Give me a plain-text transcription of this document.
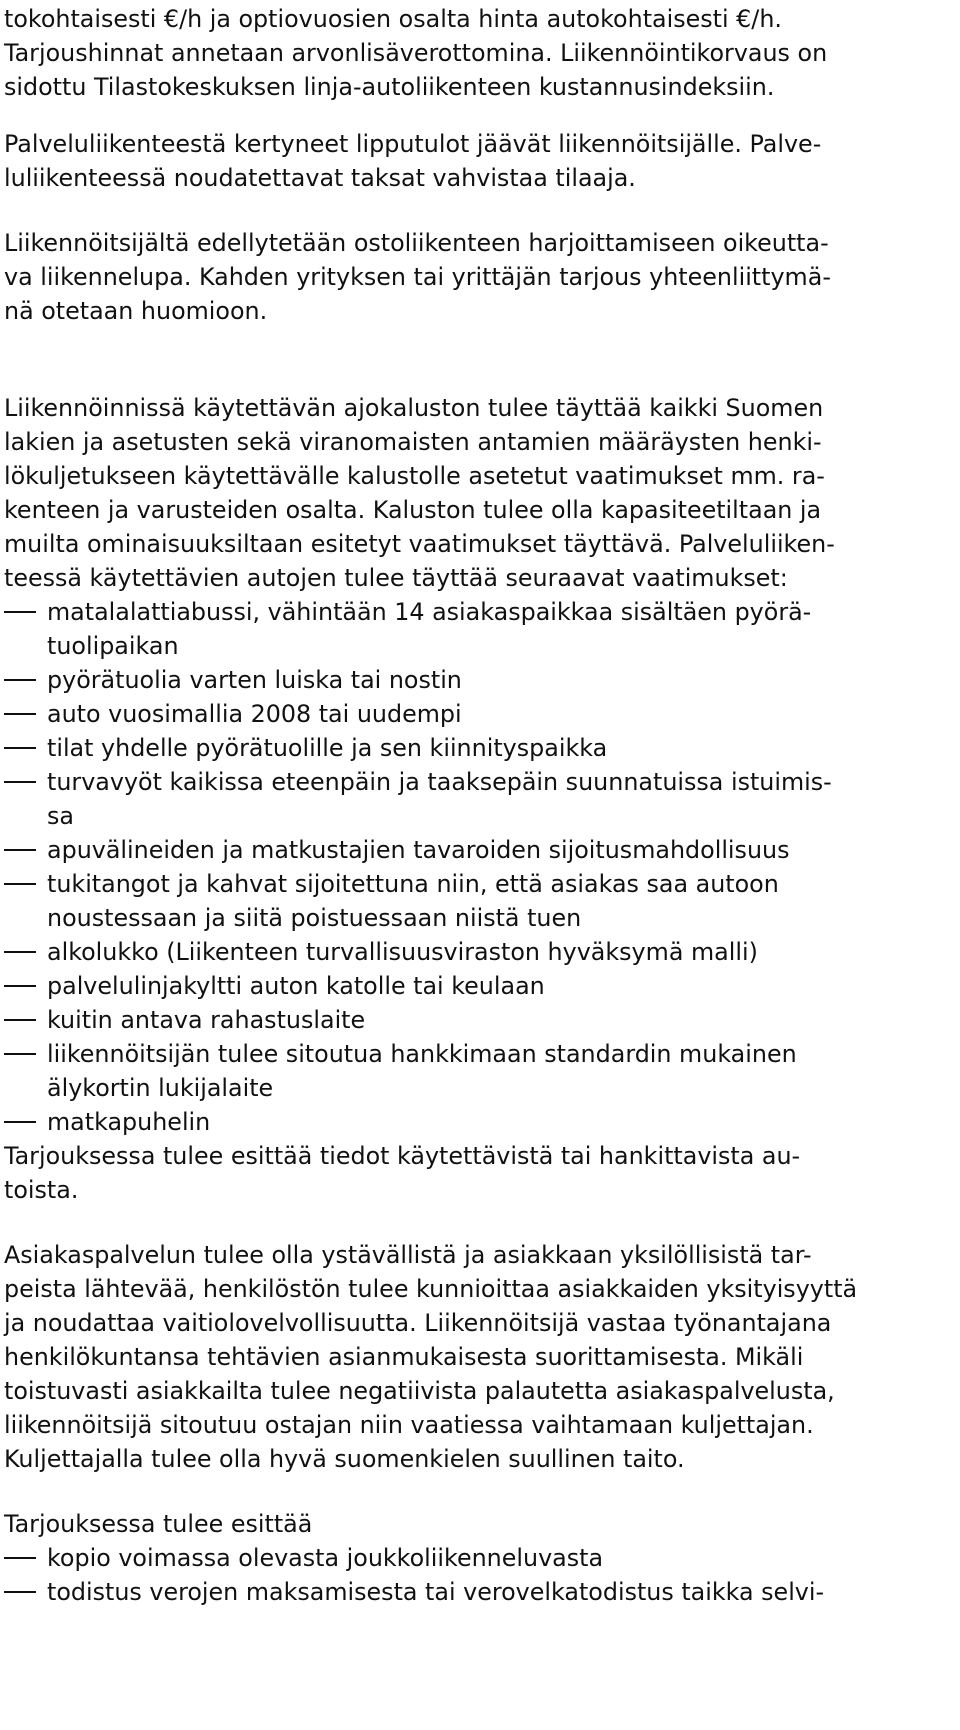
tokohtaisesti €/h ja optiovuosien osalta hinta autokohtaisesti €/h.
Tarjoushinnat annetaan arvonlisäverottomina. Liikennöintikorvaus on
sidottu Tilastokeskuksen linja-autoliikenteen kustannusindeksiin.
Palveluliikenteestä kertyneet lipputulot jäävät liikennöitsijälle. Palve-
luliikenteessä noudatettavat taksat vahvistaa tilaaja.
Liikennöitsijältä edellytetään ostoliikenteen harjoittamiseen oikeutta-
va liikennelupa. Kahden yrityksen tai yrittäjän tarjous yhteenliittymä-
nä otetaan huomioon.
Liikennöinnissä käytettävän ajokaluston tulee täyttää kaikki Suomen
lakien ja asetusten sekä viranomaisten antamien määräysten henki-
lökuljetukseen käytettävälle kalustolle asetetut vaatimukset mm. ra-
kenteen ja varusteiden osalta. Kaluston tulee olla kapasiteetiltaan ja
muilta ominaisuuksiltaan esitetyt vaatimukset täyttävä. Palveluliiken-
teessä käytettävien autojen tulee täyttää seuraavat vaatimukset:
matalalattiabussi, vähintään 14 asiakaspaikkaa sisältäen pyörä-
tuolipaikan
pyörätuolia varten luiska tai nostin
auto vuosimallia 2008 tai uudempi
tilat yhdelle pyörätuolille ja sen kiinnityspaikka
turvavyöt kaikissa eteenpäin ja taaksepäin suunnatuissa istuimis-
sa
apuvälineiden ja matkustajien tavaroiden sijoitusmahdollisuus
tukitangot ja kahvat sijoitettuna niin, että asiakas saa autoon
noustessaan ja siitä poistuessaan niistä tuen
alkolukko (Liikenteen turvallisuusviraston hyväksymä malli)
palvelulinjakyltti auton katolle tai keulaan
kuitin antava rahastuslaite
liikennöitsijän tulee sitoutua hankkimaan standardin mukainen
älykortin lukijalaite
matkapuhelin
Tarjouksessa tulee esittää tiedot käytettävistä tai hankittavista au-
toista.
Asiakaspalvelun tulee olla ystävällistä ja asiakkaan yksilöllisistä tar-
peista lähtevää, henkilöstön tulee kunnioittaa asiakkaiden yksityisyyttä
ja noudattaa vaitiolovelvollisuutta. Liikennöitsijä vastaa työnantajana
henkilökuntansa tehtävien asianmukaisesta suorittamisesta. Mikäli
toistuvasti asiakkailta tulee negatiivista palautetta asiakaspalvelusta,
liikennöitsijä sitoutuu ostajan niin vaatiessa vaihtamaan kuljettajan.
Kuljettajalla tulee olla hyvä suomenkielen suullinen taito.
Tarjouksessa tulee esittää
kopio voimassa olevasta joukkoliikenneluvasta
todistus verojen maksamisesta tai verovelkatodistus taikka selvi-
